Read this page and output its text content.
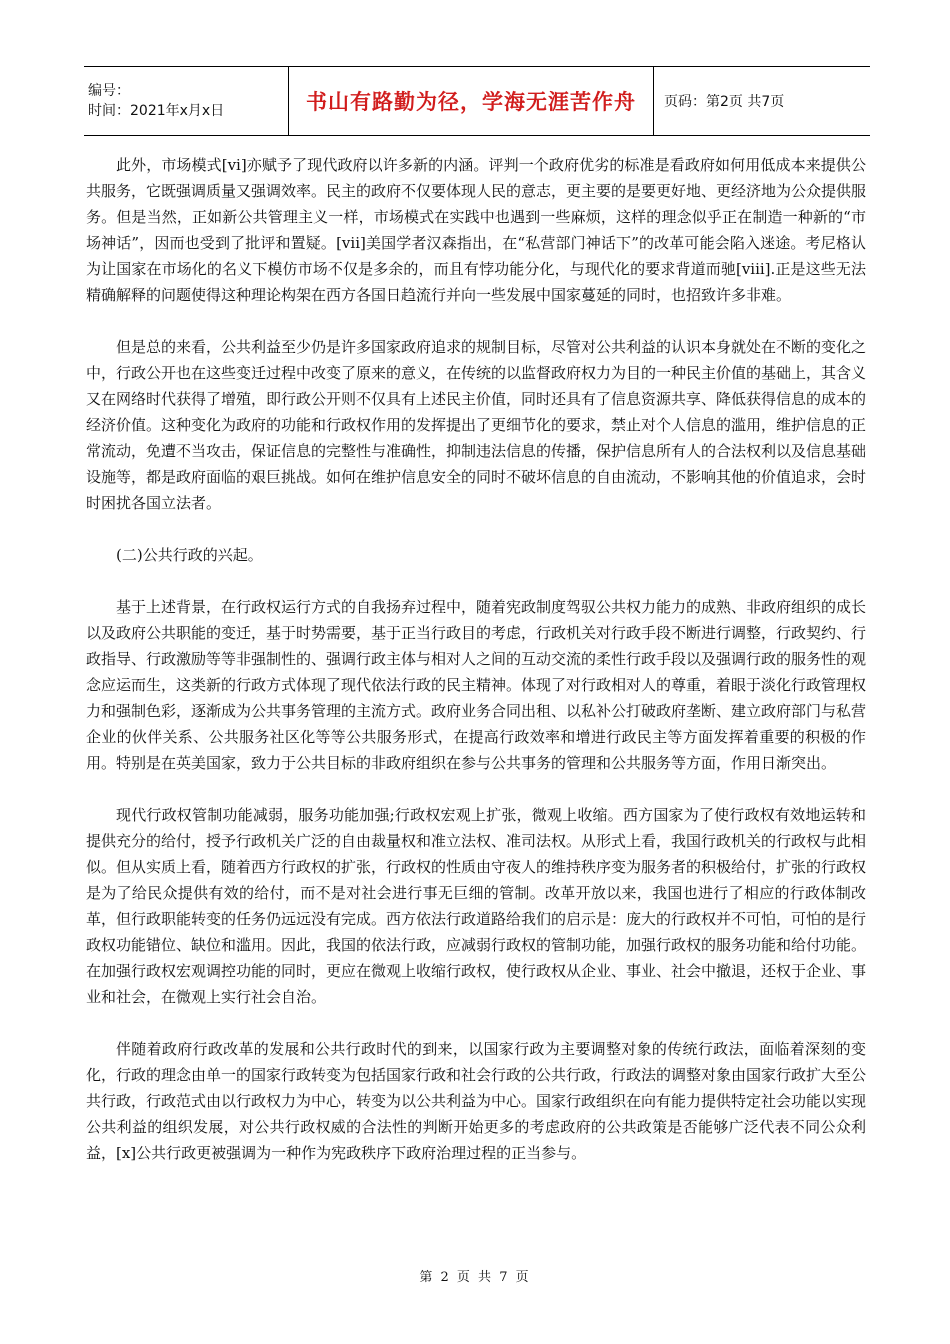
编号：
时间：2021年x月x日	书山有路勤为径，学海无涯苦作舟	页码：第2页 共7页

此外，市场模式[vi]亦赋予了现代政府以许多新的内涵。评判一个政府优劣的标准是看政府如何用低成本来提供公共服务，它既强调质量又强调效率。民主的政府不仅要体现人民的意志，更主要的是要更好地、更经济地为公众提供服务。但是当然，正如新公共管理主义一样，市场模式在实践中也遇到一些麻烦，这样的理念似乎正在制造一种新的“市场神话”，因而也受到了批评和置疑。[vii]美国学者汉森指出，在“私营部门神话下”的改革可能会陷入迷途。考尼格认为让国家在市场化的名义下模仿市场不仅是多余的，而且有悖功能分化，与现代化的要求背道而驰[viii].正是这些无法精确解释的问题使得这种理论构架在西方各国日趋流行并向一些发展中国家蔓延的同时，也招致许多非难。

但是总的来看，公共利益至少仍是许多国家政府追求的规制目标，尽管对公共利益的认识本身就处在不断的变化之中，行政公开也在这些变迁过程中改变了原来的意义，在传统的以监督政府权力为目的一种民主价值的基础上，其含义又在网络时代获得了增殖，即行政公开则不仅具有上述民主价值，同时还具有了信息资源共享、降低获得信息的成本的经济价值。这种变化为政府的功能和行政权作用的发挥提出了更细节化的要求，禁止对个人信息的滥用，维护信息的正常流动，免遭不当攻击，保证信息的完整性与准确性，抑制违法信息的传播，保护信息所有人的合法权利以及信息基础设施等，都是政府面临的艰巨挑战。如何在维护信息安全的同时不破坏信息的自由流动，不影响其他的价值追求，会时时困扰各国立法者。

(二)公共行政的兴起。

基于上述背景，在行政权运行方式的自我扬弃过程中，随着宪政制度驾驭公共权力能力的成熟、非政府组织的成长以及政府公共职能的变迁，基于时势需要，基于正当行政目的考虑，行政机关对行政手段不断进行调整，行政契约、行政指导、行政激励等等非强制性的、强调行政主体与相对人之间的互动交流的柔性行政手段以及强调行政的服务性的观念应运而生，这类新的行政方式体现了现代依法行政的民主精神。体现了对行政相对人的尊重，着眼于淡化行政管理权力和强制色彩，逐渐成为公共事务管理的主流方式。政府业务合同出租、以私补公打破政府垄断、建立政府部门与私营企业的伙伴关系、公共服务社区化等等公共服务形式，在提高行政效率和增进行政民主等方面发挥着重要的积极的作用。特别是在英美国家，致力于公共目标的非政府组织在参与公共事务的管理和公共服务等方面，作用日渐突出。

现代行政权管制功能减弱，服务功能加强;行政权宏观上扩张，微观上收缩。西方国家为了使行政权有效地运转和提供充分的给付，授予行政机关广泛的自由裁量权和准立法权、准司法权。从形式上看，我国行政机关的行政权与此相似。但从实质上看，随着西方行政权的扩张，行政权的性质由守夜人的维持秩序变为服务者的积极给付，扩张的行政权是为了给民众提供有效的给付，而不是对社会进行事无巨细的管制。改革开放以来，我国也进行了相应的行政体制改革，但行政职能转变的任务仍远远没有完成。西方依法行政道路给我们的启示是：庞大的行政权并不可怕，可怕的是行政权功能错位、缺位和滥用。因此，我国的依法行政，应减弱行政权的管制功能，加强行政权的服务功能和给付功能。在加强行政权宏观调控功能的同时，更应在微观上收缩行政权，使行政权从企业、事业、社会中撤退，还权于企业、事业和社会，在微观上实行社会自治。

伴随着政府行政改革的发展和公共行政时代的到来，以国家行政为主要调整对象的传统行政法，面临着深刻的变化，行政的理念由单一的国家行政转变为包括国家行政和社会行政的公共行政，行政法的调整对象由国家行政扩大至公共行政，行政范式由以行政权力为中心，转变为以公共利益为中心。国家行政组织在向有能力提供特定社会功能以实现公共利益的组织发展，对公共行政权威的合法性的判断开始更多的考虑政府的公共政策是否能够广泛代表不同公众利益，[x]公共行政更被强调为一种作为宪政秩序下政府治理过程的正当参与。

第 2 页 共 7 页
